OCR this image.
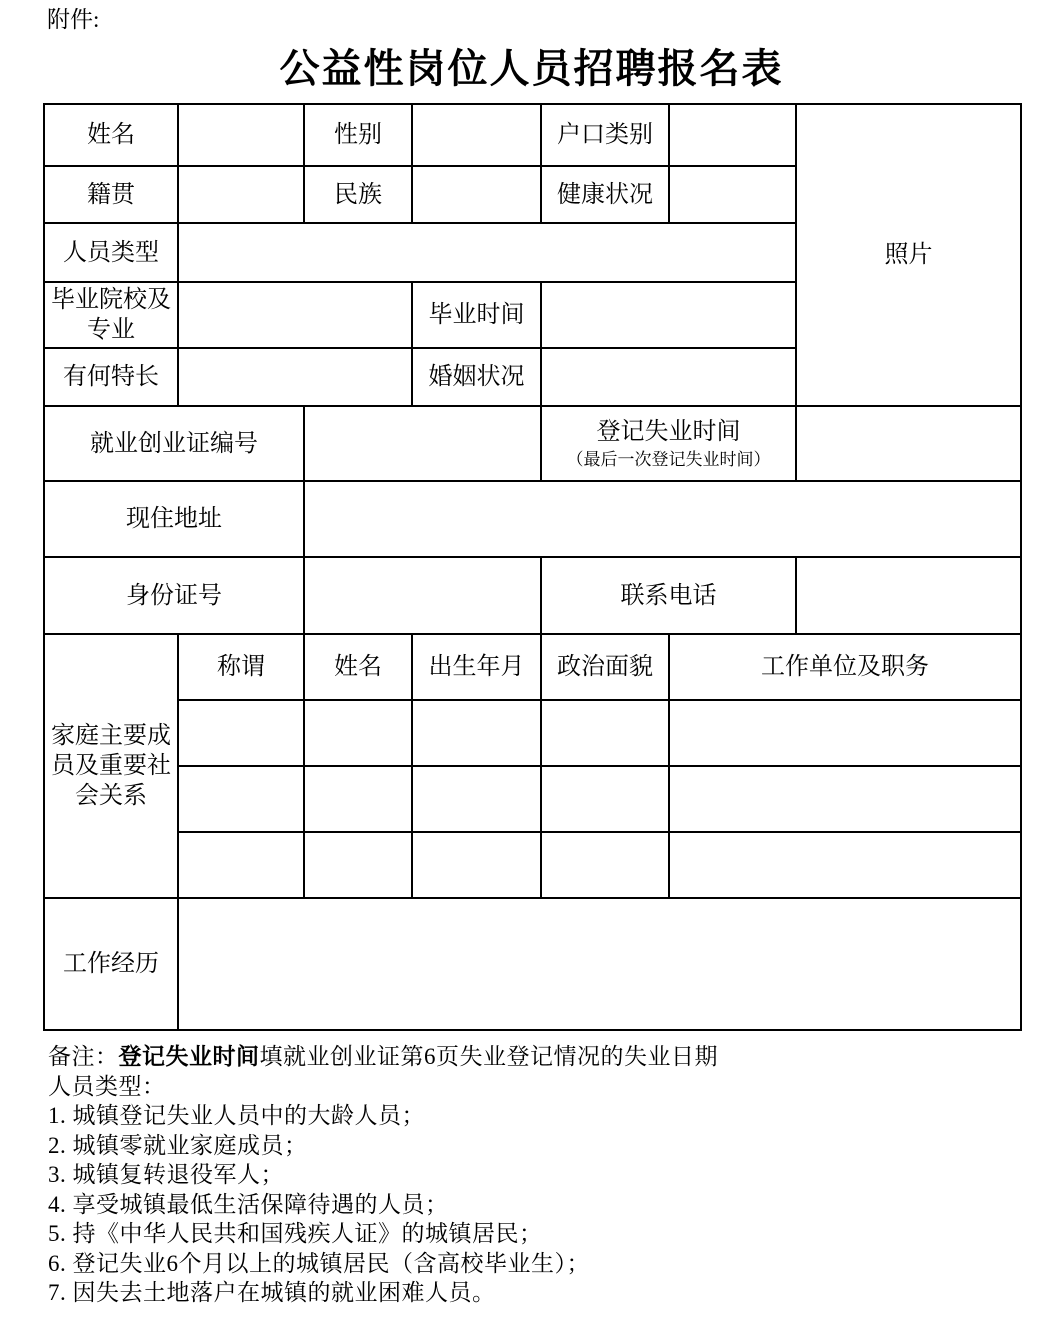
附件:
公益性岗位人员招聘报名表
姓名		性别		户口类别		照片
籍贯		民族		健康状况		
人员类型						
毕业院校及专业			毕业时间			
有何特长			婚姻状况			
就业创业证编号				登记失业时间
（最后一次登记失业时间）		

现住地址						
身份证号				联系电话		
家庭主要成员及重要社会关系	称谓	姓名	出生年月	政治面貌	工作单位及职务	

工作经历						
备注：登记失业时间填就业创业证第6页失业登记情况的失业日期
人员类型：
1. 城镇登记失业人员中的大龄人员；
2. 城镇零就业家庭成员；
3. 城镇复转退役军人；
4. 享受城镇最低生活保障待遇的人员；
5. 持《中华人民共和国残疾人证》的城镇居民；
6. 登记失业6个月以上的城镇居民（含高校毕业生）；
7. 因失去土地落户在城镇的就业困难人员。
